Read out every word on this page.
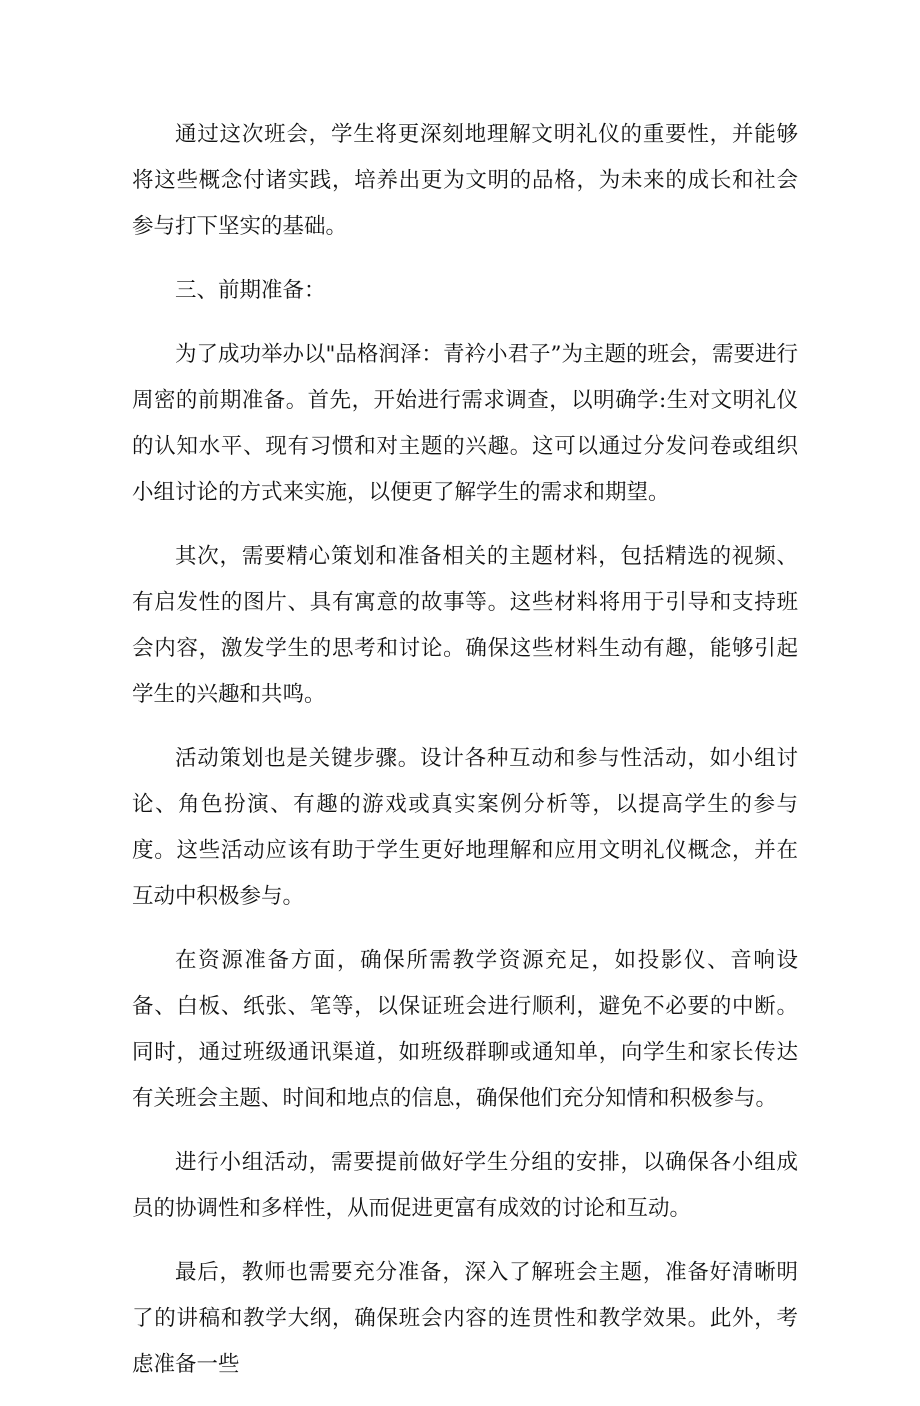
通过这次班会，学生将更深刻地理解文明礼仪的重要性，并能够将这些概念付诸实践，培养出更为文明的品格，为未来的成长和社会参与打下坚实的基础。

三、前期准备：

为了成功举办以"品格润泽：青衿小君子”为主题的班会，需要进行周密的前期准备。首先，开始进行需求调查，以明确学:生对文明礼仪的认知水平、现有习惯和对主题的兴趣。这可以通过分发问卷或组织小组讨论的方式来实施，以便更了解学生的需求和期望。

其次，需要精心策划和准备相关的主题材料，包括精选的视频、有启发性的图片、具有寓意的故事等。这些材料将用于引导和支持班会内容，激发学生的思考和讨论。确保这些材料生动有趣，能够引起学生的兴趣和共鸣。

活动策划也是关键步骤。设计各种互动和参与性活动，如小组讨论、角色扮演、有趣的游戏或真实案例分析等，以提高学生的参与度。这些活动应该有助于学生更好地理解和应用文明礼仪概念，并在互动中积极参与。

在资源准备方面，确保所需教学资源充足，如投影仪、音响设备、白板、纸张、笔等，以保证班会进行顺利，避免不必要的中断。同时，通过班级通讯渠道，如班级群聊或通知单，向学生和家长传达有关班会主题、时间和地点的信息，确保他们充分知情和积极参与。

进行小组活动，需要提前做好学生分组的安排，以确保各小组成员的协调性和多样性，从而促进更富有成效的讨论和互动。

最后，教师也需要充分准备，深入了解班会主题，准备好清晰明了的讲稿和教学大纲，确保班会内容的连贯性和教学效果。此外，考虑准备一些
